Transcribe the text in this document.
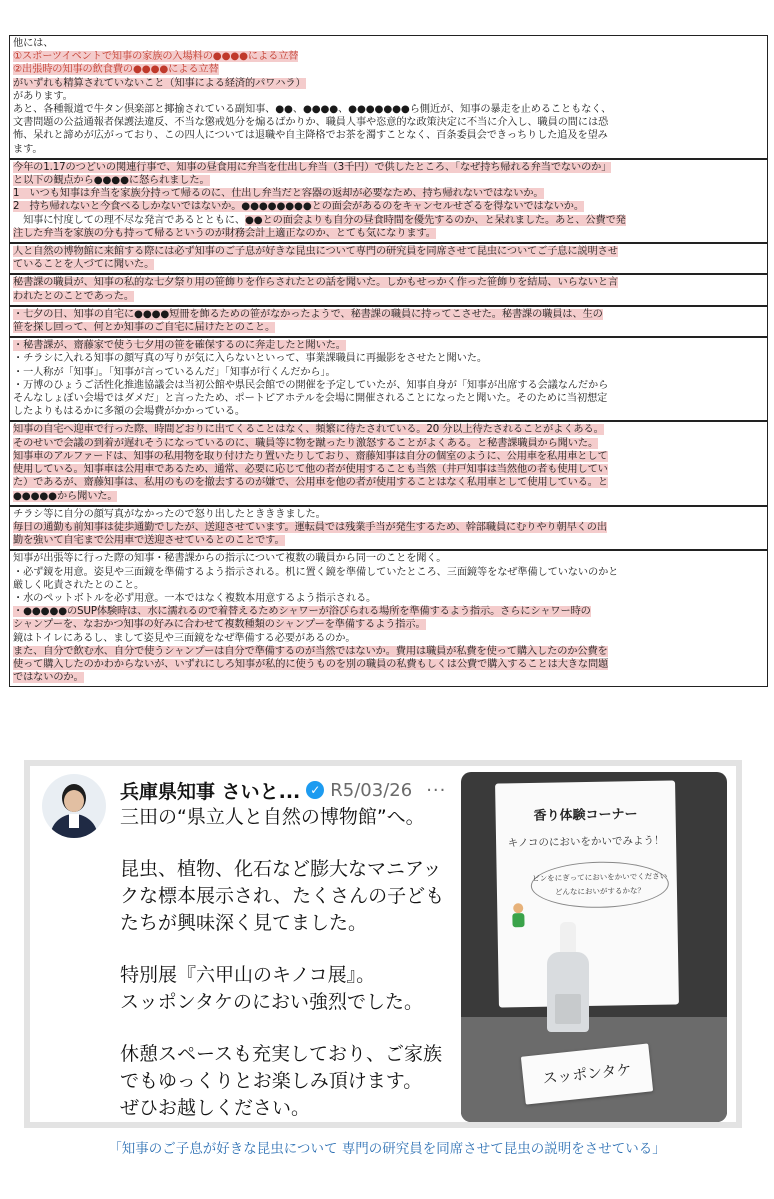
他には、
①スポーツイベントで知事の家族の入場料の●●●●による立替
②出張時の知事の飲食費の●●●●による立替
がいずれも精算されていないこと（知事による経済的パワハラ）
があります。
あと、各種報道で牛タン倶楽部と揶揄されている副知事、●●、●●●●、●●●●●●●ら側近が、知事の暴走を止めることもなく、
文書問題の公益通報者保護法違反、不当な懲戒処分を煽るばかりか、職員人事や恣意的な政策決定に不当に介入し、職員の間には恐
怖、呆れと諦めが広がっており、この四人については退職や自主降格でお茶を濁すことなく、百条委員会できっちりした追及を望み
ます。
今年の1.17のつどいの関連行事で、知事の昼食用に弁当を仕出し弁当（3千円）で供したところ、「なぜ持ち帰れる弁当でないのか」
と以下の観点から●●●●に怒られました。
1　いつも知事は弁当を家族分持って帰るのに、仕出し弁当だと容器の返却が必要なため、持ち帰れないではないか。
2　持ち帰れないと今食べるしかないではないか。●●●●●●●●との面会があるのをキャンセルせざるを得ないではないか。
　知事に忖度しての理不尽な発言であるとともに、●●との面会よりも自分の昼食時間を優先するのか、と呆れました。あと、公費で発
注した弁当を家族の分も持って帰るというのが財務会計上適正なのか、とても気になります。
人と自然の博物館に来館する際には必ず知事のご子息が好きな昆虫について専門の研究員を同席させて昆虫についてご子息に説明させ
ていることを人づてに聞いた。
秘書課の職員が、知事の私的な七夕祭り用の笹飾りを作らされたとの話を聞いた。しかもせっかく作った笹飾りを結局、いらないと言
われたとのことであった。
・七夕の日、知事の自宅に●●●●短冊を飾るための笹がなかったようで、秘書課の職員に持ってこさせた。秘書課の職員は、生の
笹を探し回って、何とか知事のご自宅に届けたとのこと。
・秘書課が、齋藤家で使う七夕用の笹を確保するのに奔走したと聞いた。
・チラシに入れる知事の顔写真の写りが気に入らないといって、事業課職員に再撮影をさせたと聞いた。
・一人称が「知事」。「知事が言っているんだ」「知事が行くんだから」。
・万博のひょうご活性化推進協議会は当初公館や県民会館での開催を予定していたが、知事自身が「知事が出席する会議なんだから
そんなしょぼい会場ではダメだ」と言ったため、ポートピアホテルを会場に開催されることになったと聞いた。そのために当初想定
したよりもはるかに多額の会場費がかかっている。
知事の自宅へ迎車で行った際、時間どおりに出てくることはなく、頻繁に待たされている。20 分以上待たされることがよくある。
そのせいで会議の到着が遅れそうになっているのに、職員等に物を蹴ったり激怒することがよくある。と秘書課職員から聞いた。
知事車のアルファードは、知事の私用物を取り付けたり置いたりしており、齋藤知事は自分の個室のように、公用車を私用車として
使用している。知事車は公用車であるため、通常、必要に応じて他の者が使用することも当然（井戸知事は当然他の者も使用してい
た）であるが、齋藤知事は、私用のものを撤去するのが嫌で、公用車を他の者が使用することはなく私用車として使用している。と
●●●●●から聞いた。
チラシ等に自分の顔写真がなかったので怒り出したときききました。
毎日の通勤も前知事は徒歩通勤でしたが、送迎させています。運転員では残業手当が発生するため、幹部職員にむりやり朝早くの出
勤を強いて自宅まで公用車で送迎させているとのことです。
知事が出張等に行った際の知事・秘書課からの指示について複数の職員から同一のことを聞く。
・必ず鏡を用意。姿見や三面鏡を準備するよう指示される。机に置く鏡を準備していたところ、三面鏡等をなぜ準備していないのかと
厳しく叱責されたとのこと。
・水のペットボトルを必ず用意。一本ではなく複数本用意するよう指示される。
・●●●●●のSUP体験時は、水に濡れるので着替えるためシャワーが浴びられる場所を準備するよう指示。さらにシャワー時の
シャンプーを、なおかつ知事の好みに合わせて複数種類のシャンプーを準備するよう指示。
鏡はトイレにあるし、まして姿見や三面鏡をなぜ準備する必要があるのか。
また、自分で飲む水、自分で使うシャンプーは自分で準備するのが当然ではないか。費用は職員が私費を使って購入したのか公費を
使って購入したのかわからないが、いずれにしろ知事が私的に使うものを別の職員の私費もしくは公費で購入することは大きな問題
ではないのか。
兵庫県知事 さいと... ✓ R5/03/26 ···
三田の“県立人と自然の博物館”へ。
昆虫、植物、化石など膨大なマニアッ
クな標本展示され、たくさんの子ども
たちが興味深く見てました。
特別展『六甲山のキノコ展』。
スッポンタケのにおい強烈でした。
休憩スペースも充実しており、ご家族
でもゆっくりとお楽しみ頂けます。
ぜひお越しください。
香り体験コーナー
キノコのにおいをかいでみよう！
ビンをにぎってにおいをかいでください
どんなにおいがするかな？
スッポンタケ
「知事のご子息が好きな昆虫について 専門の研究員を同席させて昆虫の説明をさせている」
